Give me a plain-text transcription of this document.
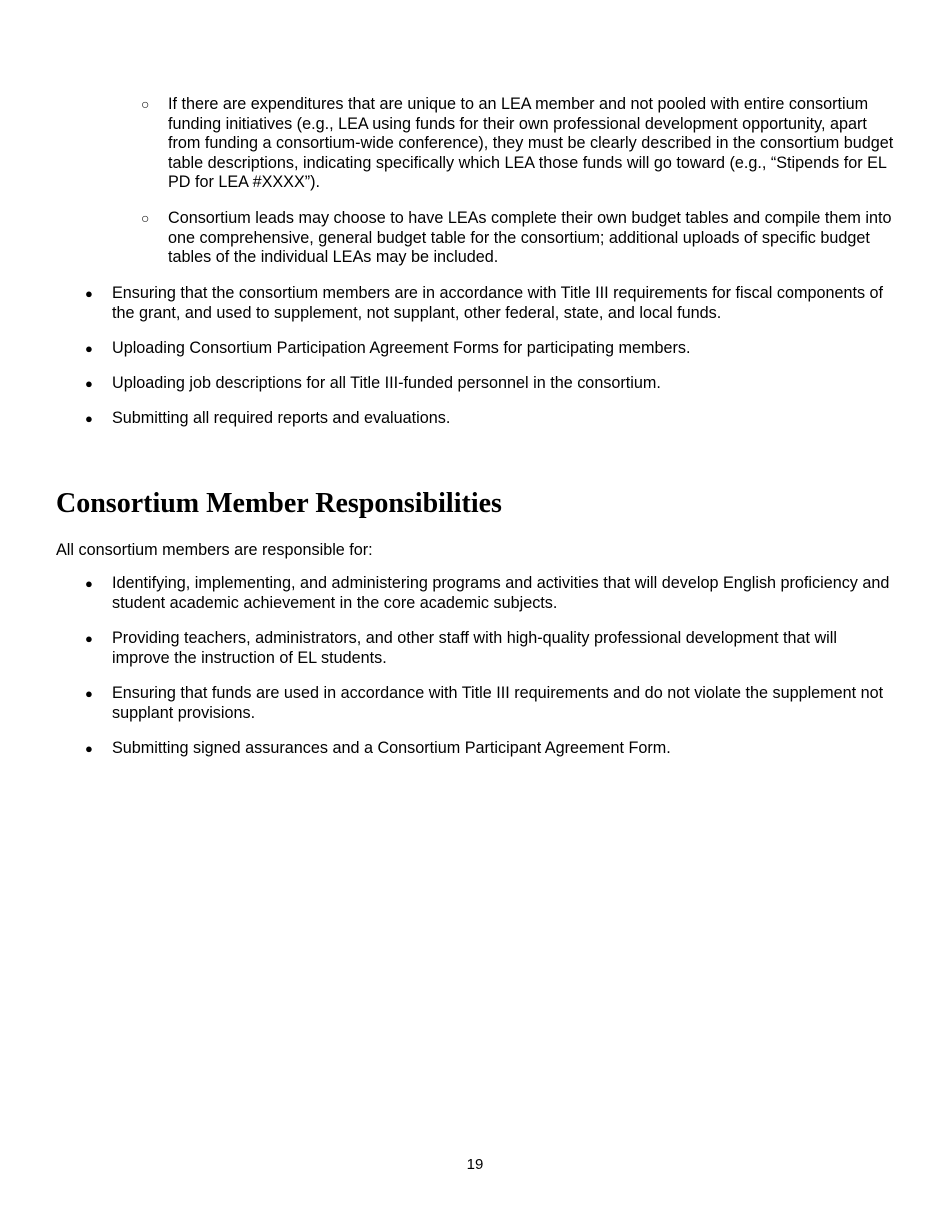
○ If there are expenditures that are unique to an LEA member and not pooled with entire consortium funding initiatives (e.g., LEA using funds for their own professional development opportunity, apart from funding a consortium-wide conference), they must be clearly described in the consortium budget table descriptions, indicating specifically which LEA those funds will go toward (e.g., “Stipends for EL PD for LEA #XXXX”).
○ Consortium leads may choose to have LEAs complete their own budget tables and compile them into one comprehensive, general budget table for the consortium; additional uploads of specific budget tables of the individual LEAs may be included.
● Ensuring that the consortium members are in accordance with Title III requirements for fiscal components of the grant, and used to supplement, not supplant, other federal, state, and local funds.
● Uploading Consortium Participation Agreement Forms for participating members.
● Uploading job descriptions for all Title III-funded personnel in the consortium.
● Submitting all required reports and evaluations.
Consortium Member Responsibilities

All consortium members are responsible for:

● Identifying, implementing, and administering programs and activities that will develop English proficiency and student academic achievement in the core academic subjects.
● Providing teachers, administrators, and other staff with high-quality professional development that will improve the instruction of EL students.
● Ensuring that funds are used in accordance with Title III requirements and do not violate the supplement not supplant provisions.
● Submitting signed assurances and a Consortium Participant Agreement Form.
19
